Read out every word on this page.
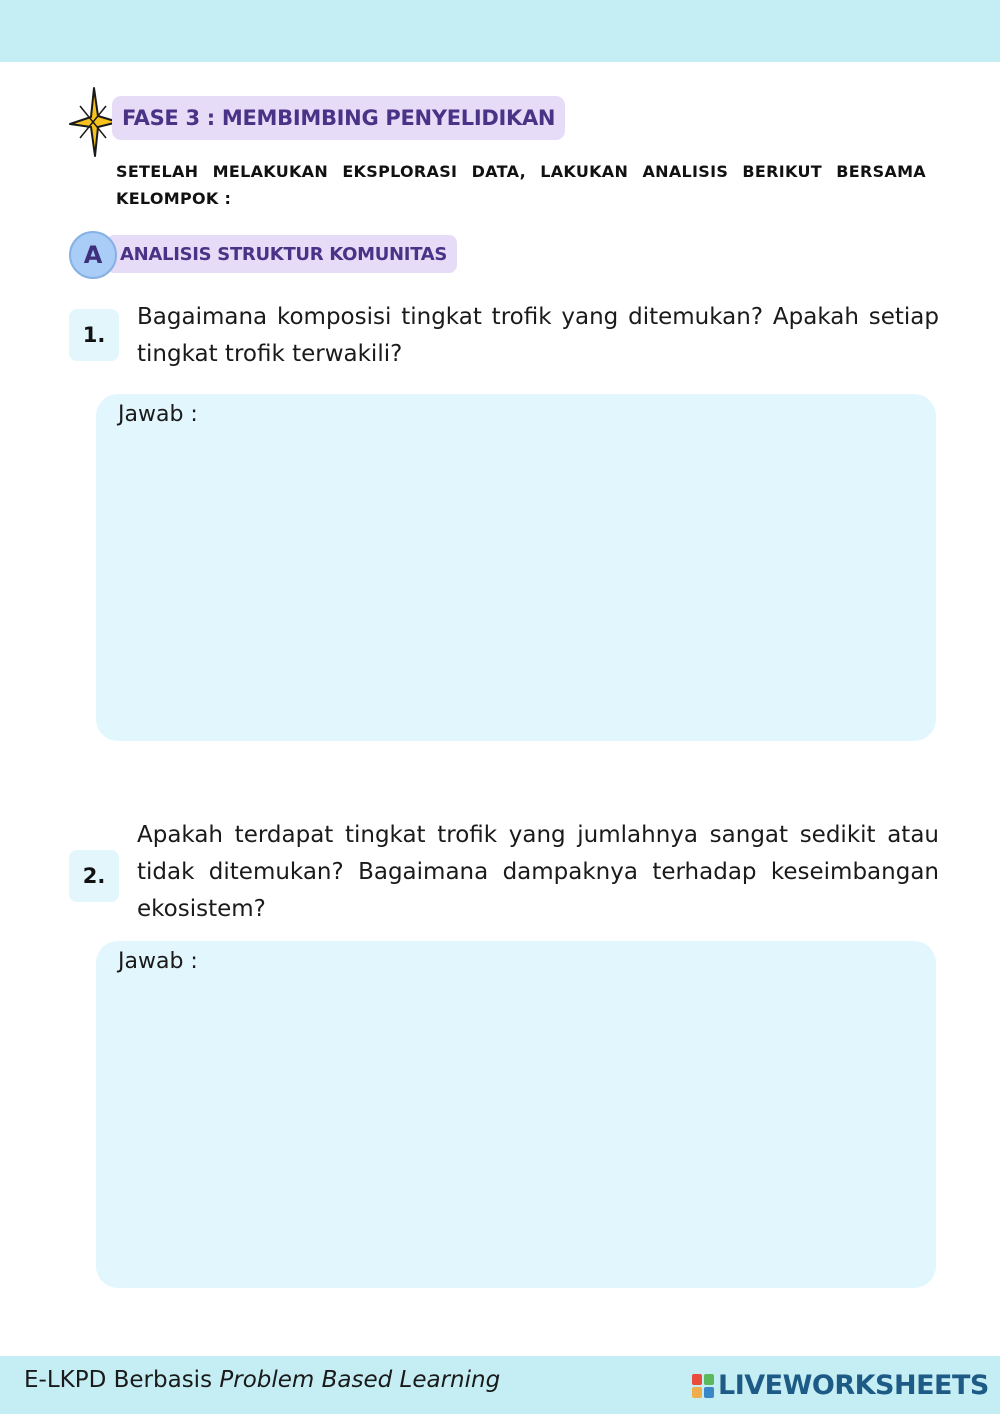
FASE 3 : MEMBIMBING PENYELIDIKAN
SETELAH MELAKUKAN EKSPLORASI DATA, LAKUKAN ANALISIS BERIKUT BERSAMA KELOMPOK :
ANALISIS STRUKTUR KOMUNITAS
A
1.
Bagaimana komposisi tingkat trofik yang ditemukan? Apakah setiap tingkat trofik terwakili?
Jawab :
2.
Apakah terdapat tingkat trofik yang jumlahnya sangat sedikit atau tidak ditemukan? Bagaimana dampaknya terhadap keseimbangan ekosistem?
Jawab :
E-LKPD Berbasis Problem Based Learning	LIVEWORKSHEETS
